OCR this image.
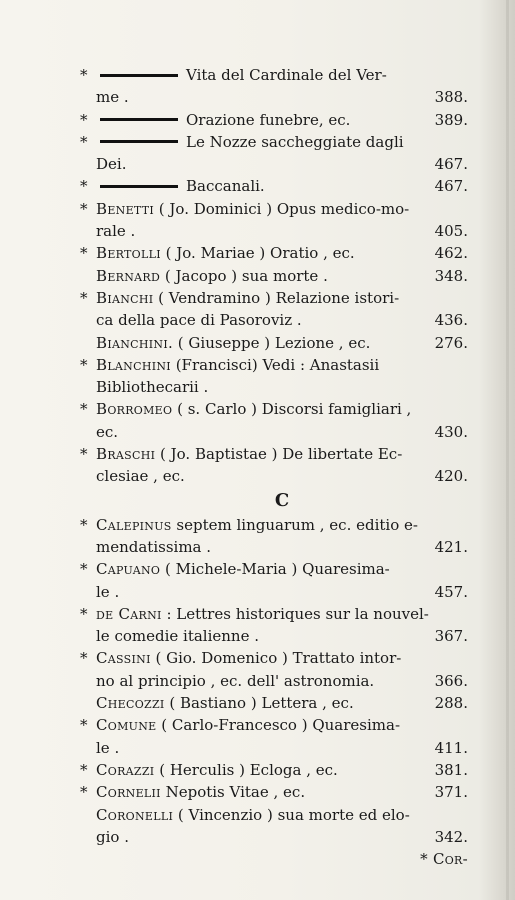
*	Vita del Cardinale del Ver-
me .	388.
*	Orazione funebre, ec.	389.
*	Le Nozze saccheggiate dagli
Dei.	467.
*	Baccanali.	467.
* Benetti ( Jo. Dominici ) Opus medico-mo-
rale .	405.
* Bertolli ( Jo. Mariae ) Oratio , ec.	462.
Bernard ( Jacopo ) sua morte .	348.
* Bianchi ( Vendramino ) Relazione istori-
ca della pace di Pasoroviz .	436.
Bianchini. ( Giuseppe ) Lezione , ec.	276.
* Blanchini (Francisci) Vedi : Anastasii
Bibliothecarii .
* Borromeo ( s. Carlo ) Discorsi famigliari ,
ec.	430.
* Braschi ( Jo. Baptistae ) De libertate Ec-
clesiae , ec.	420.
C
* Calepinus septem linguarum , ec. editio e-
mendatissima .	421.
* Capuano ( Michele-Maria ) Quaresima-
le .	457.
* de Carni : Lettres historiques sur la nouvel-
le comedie italienne .	367.
* Cassini ( Gio. Domenico ) Trattato intor-
no al principio , ec. dell' astronomia.	366.
Checozzi ( Bastiano ) Lettera , ec.	288.
* Comune ( Carlo-Francesco ) Quaresima-
le .	411.
* Corazzi ( Herculis ) Ecloga , ec.	381.
* Cornelii Nepotis Vitae , ec.	371.
Coronelli ( Vincenzio ) sua morte ed elo-
gio .	342.
* Cor-
